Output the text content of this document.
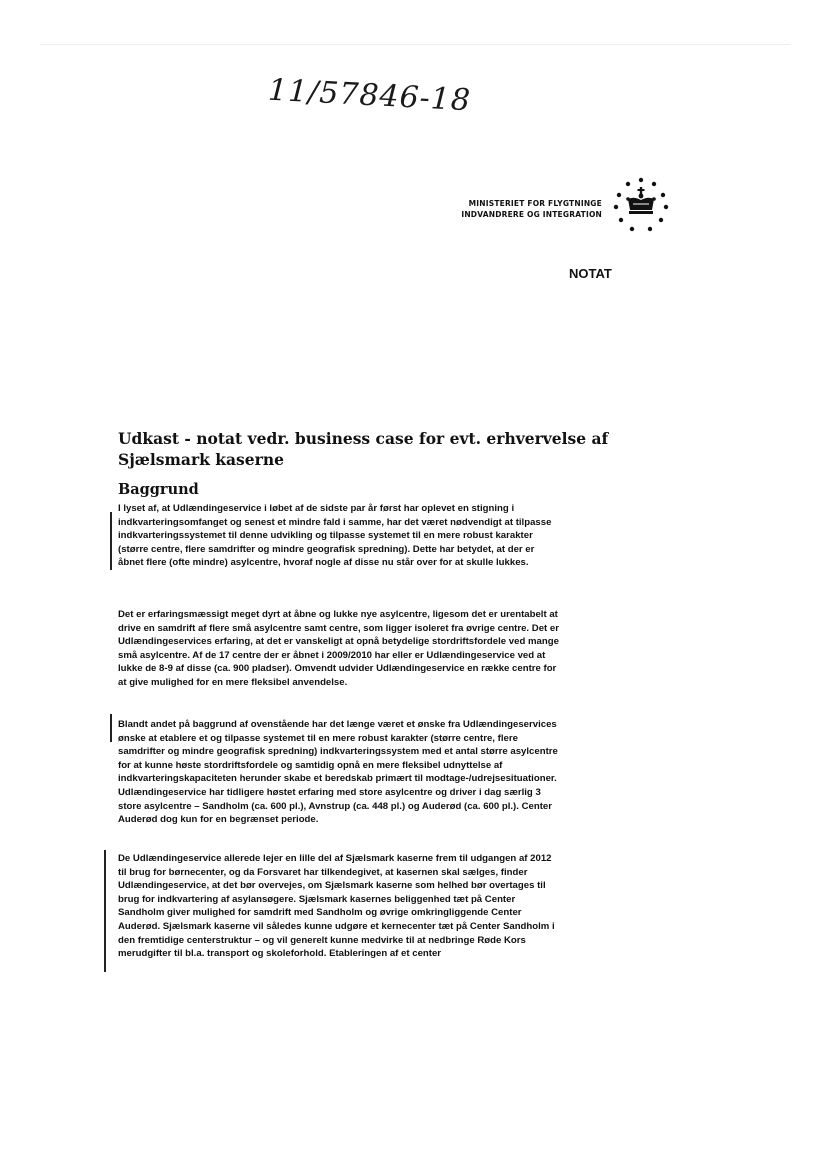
11/57846-18
MINISTERIET FOR FLYGTNINGE
INDVANDRERE OG INTEGRATION
NOTAT
Udkast - notat vedr. business case for evt. erhvervelse af Sjælsmark kaserne
Baggrund
I lyset af, at Udlændingeservice i løbet af de sidste par år først har oplevet en stigning i indkvarteringsomfanget og senest et mindre fald i samme, har det været nødvendigt at tilpasse indkvarteringssystemet til denne udvikling og tilpasse systemet til en mere robust karakter (større centre, flere samdrifter og mindre geografisk spredning). Dette har betydet, at der er åbnet flere (ofte mindre) asylcentre, hvoraf nogle af disse nu står over for at skulle lukkes.
Det er erfaringsmæssigt meget dyrt at åbne og lukke nye asylcentre, ligesom det er urentabelt at drive en samdrift af flere små asylcentre samt centre, som ligger isoleret fra øvrige centre. Det er Udlændingeservices erfaring, at det er vanskeligt at opnå betydelige stordriftsfordele ved mange små asylcentre. Af de 17 centre der er åbnet i 2009/2010 har eller er Udlændingeservice ved at lukke de 8-9 af disse (ca. 900 pladser). Omvendt udvider Udlændingeservice en række centre for at give mulighed for en mere fleksibel anvendelse.
Blandt andet på baggrund af ovenstående har det længe været et ønske fra Udlændingeservices ønske at etablere et og tilpasse systemet til en mere robust karakter (større centre, flere samdrifter og mindre geografisk spredning) indkvarteringssystem med et antal større asylcentre for at kunne høste stordriftsfordele og samtidig opnå en mere fleksibel udnyttelse af indkvarteringskapaciteten herunder skabe et beredskab primært til modtage-/udrejsesituationer. Udlændingeservice har tidligere høstet erfaring med store asylcentre og driver i dag særlig 3 store asylcentre – Sandholm (ca. 600 pl.), Avnstrup (ca. 448 pl.) og Auderød (ca. 600 pl.). Center Auderød dog kun for en begrænset periode.
De Udlændingeservice allerede lejer en lille del af Sjælsmark kaserne frem til udgangen af 2012 til brug for børnecenter, og da Forsvaret har tilkendegivet, at kasernen skal sælges, finder Udlændingeservice, at det bør overvejes, om Sjælsmark kaserne som helhed bør overtages til brug for indkvartering af asylansøgere. Sjælsmark kasernes beliggenhed tæt på Center Sandholm giver mulighed for samdrift med Sandholm og øvrige omkringliggende Center Auderød. Sjælsmark kaserne vil således kunne udgøre et kernecenter tæt på Center Sandholm i den fremtidige centerstruktur – og vil generelt kunne medvirke til at nedbringe Røde Kors merudgifter til bl.a. transport og skoleforhold. Etableringen af et center
